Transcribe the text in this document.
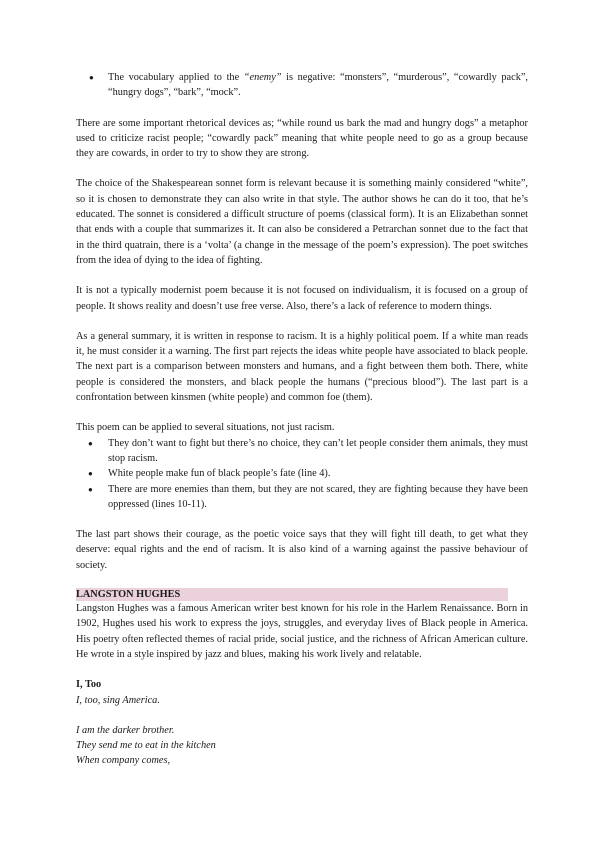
● The vocabulary applied to the “enemy” is negative: “monsters”, “murderous”, “cowardly pack”, “hungry dogs”, “bark”, “mock”.

There are some important rhetorical devices as; “while round us bark the mad and hungry dogs” a metaphor used to criticize racist people; “cowardly pack” meaning that white people need to go as a group because they are cowards, in order to try to show they are strong.

The choice of the Shakespearean sonnet form is relevant because it is something mainly considered “white”, so it is chosen to demonstrate they can also write in that style. The author shows he can do it too, that he’s educated. The sonnet is considered a difficult structure of poems (classical form). It is an Elizabethan sonnet that ends with a couple that summarizes it. It can also be considered a Petrarchan sonnet due to the fact that in the third quatrain, there is a ‘volta’ (a change in the message of the poem’s expression). The poet switches from the idea of dying to the idea of fighting.

It is not a typically modernist poem because it is not focused on individualism, it is focused on a group of people. It shows reality and doesn’t use free verse. Also, there’s a lack of reference to modern things.

As a general summary, it is written in response to racism. It is a highly political poem. If a white man reads it, he must consider it a warning. The first part rejects the ideas white people have associated to black people. The next part is a comparison between monsters and humans, and a fight between them both. There, white people is considered the monsters, and black people the humans (“precious blood”). The last part is a confrontation between kinsmen (white people) and common foe (them).

This poem can be applied to several situations, not just racism.

● They don’t want to fight but there’s no choice, they can’t let people consider them animals, they must stop racism.
● White people make fun of black people’s fate (line 4).
● There are more enemies than them, but they are not scared, they are fighting because they have been oppressed (lines 10-11).

The last part shows their courage, as the poetic voice says that they will fight till death, to get what they deserve: equal rights and the end of racism. It is also kind of a warning against the passive behaviour of society.

LANGSTON HUGHES

Langston Hughes was a famous American writer best known for his role in the Harlem Renaissance. Born in 1902, Hughes used his work to express the joys, struggles, and everyday lives of Black people in America. His poetry often reflected themes of racial pride, social justice, and the richness of African American culture. He wrote in a style inspired by jazz and blues, making his work lively and relatable.

I, Too
I, too, sing America.
I am the darker brother.
They send me to eat in the kitchen
When company comes,
